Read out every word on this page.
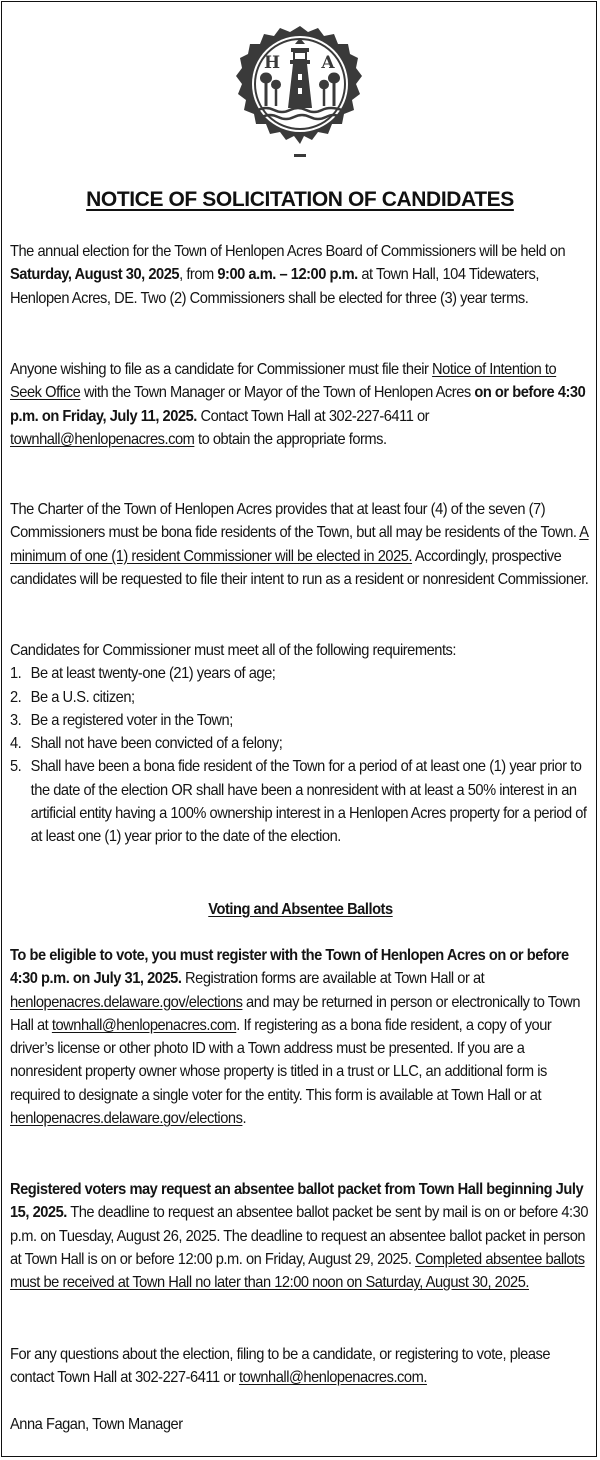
H A
NOTICE OF SOLICITATION OF CANDIDATES

The annual election for the Town of Henlopen Acres Board of Commissioners will be held on Saturday, August 30, 2025, from 9:00 a.m. – 12:00 p.m. at Town Hall, 104 Tidewaters, Henlopen Acres, DE. Two (2) Commissioners shall be elected for three (3) year terms.

Anyone wishing to file as a candidate for Commissioner must file their Notice of Intention to Seek Office with the Town Manager or Mayor of the Town of Henlopen Acres on or before 4:30 p.m. on Friday, July 11, 2025. Contact Town Hall at 302-227-6411 or townhall@henlopenacres.com to obtain the appropriate forms.

The Charter of the Town of Henlopen Acres provides that at least four (4) of the seven (7) Commissioners must be bona fide residents of the Town, but all may be residents of the Town. A minimum of one (1) resident Commissioner will be elected in 2025. Accordingly, prospective candidates will be requested to file their intent to run as a resident or nonresident Commissioner.

Candidates for Commissioner must meet all of the following requirements:

1. Be at least twenty-one (21) years of age;
2. Be a U.S. citizen;
3. Be a registered voter in the Town;
4. Shall not have been convicted of a felony;
5. Shall have been a bona fide resident of the Town for a period of at least one (1) year prior to the date of the election OR shall have been a nonresident with at least a 50% interest in an artificial entity having a 100% ownership interest in a Henlopen Acres property for a period of at least one (1) year prior to the date of the election.

Voting and Absentee Ballots

To be eligible to vote, you must register with the Town of Henlopen Acres on or before 4:30 p.m. on July 31, 2025. Registration forms are available at Town Hall or at henlopenacres.delaware.gov/elections and may be returned in person or electronically to Town Hall at townhall@henlopenacres.com. If registering as a bona fide resident, a copy of your driver’s license or other photo ID with a Town address must be presented. If you are a nonresident property owner whose property is titled in a trust or LLC, an additional form is required to designate a single voter for the entity. This form is available at Town Hall or at henlopenacres.delaware.gov/elections.

Registered voters may request an absentee ballot packet from Town Hall beginning July 15, 2025. The deadline to request an absentee ballot packet be sent by mail is on or before 4:30 p.m. on Tuesday, August 26, 2025. The deadline to request an absentee ballot packet in person at Town Hall is on or before 12:00 p.m. on Friday, August 29, 2025. Completed absentee ballots must be received at Town Hall no later than 12:00 noon on Saturday, August 30, 2025.

For any questions about the election, filing to be a candidate, or registering to vote, please contact Town Hall at 302-227-6411 or townhall@henlopenacres.com.

Anna Fagan, Town Manager
